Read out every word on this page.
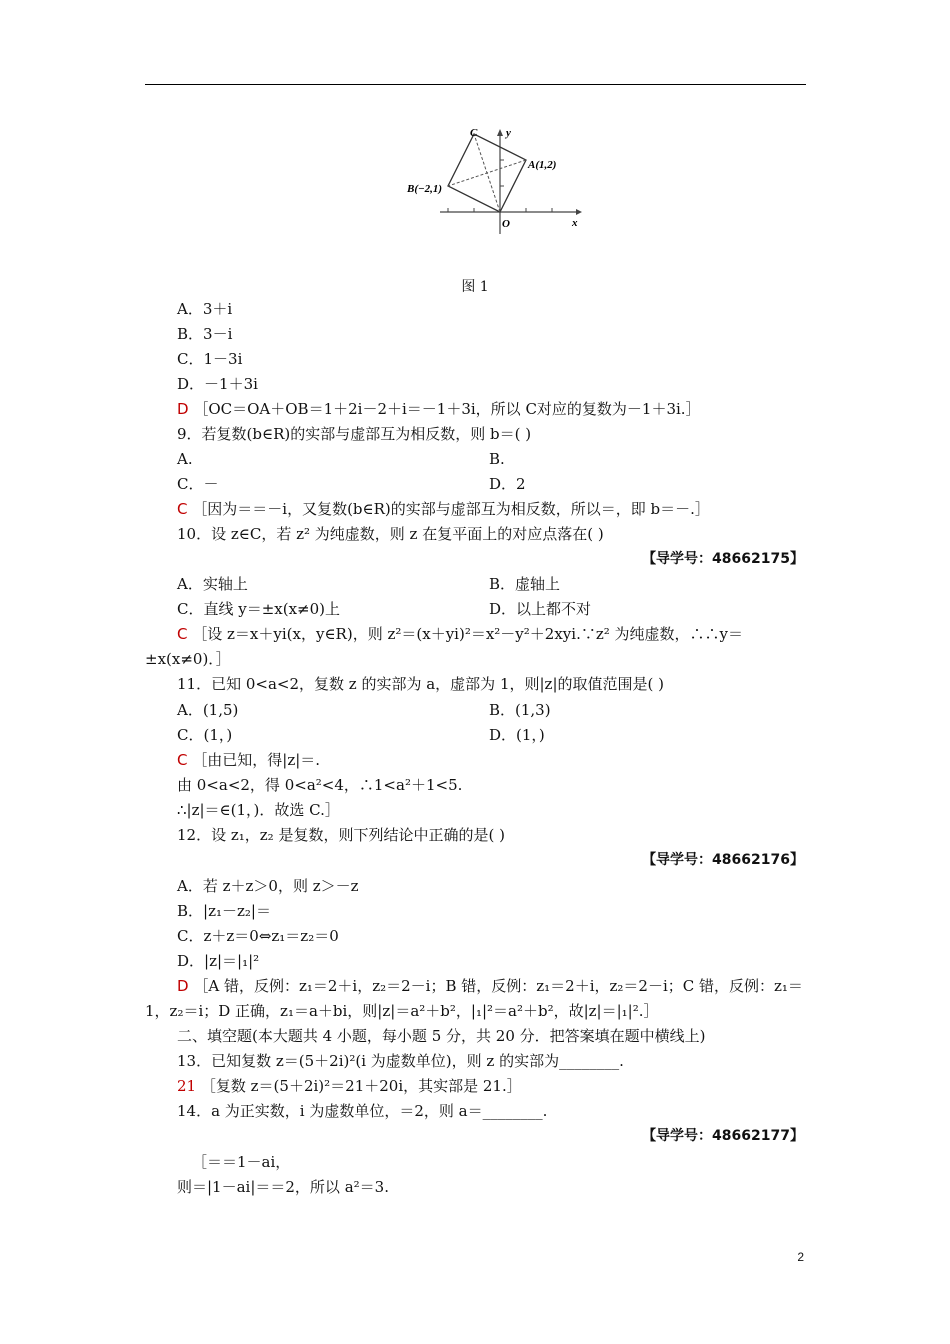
C	y
A(1,2)
B(−2,1)
O	x
图 1
A．3＋i
B．3－i
C．1－3i
D．－1＋3i
D ［OC＝OA＋OB＝1＋2i－2＋i＝－1＋3i，所以 C对应的复数为－1＋3i.］
9．若复数(b∈R)的实部与虚部互为相反数，则 b＝( )
A.	B.
C．－	D．2
C ［因为＝＝－i，又复数(b∈R)的实部与虚部互为相反数，所以＝，即 b＝－.］
10．设 z∈C，若 z² 为纯虚数，则 z 在复平面上的对应点落在( )
【导学号：48662175】
A．实轴上	B．虚轴上
C．直线 y＝±x(x≠0)上	D．以上都不对
C ［设 z＝x＋yi(x，y∈R)，则 z²＝(x＋yi)²＝x²－y²＋2xyi.∵z² 为纯虚数，∴∴y＝
±x(x≠0)．］
11．已知 0<a<2，复数 z 的实部为 a，虚部为 1，则|z|的取值范围是( )
A．(1,5)	B．(1,3)
C．(1，)	D．(1，)
C ［由已知，得|z|＝.
由 0<a<2，得 0<a²<4，∴1<a²＋1<5.
∴|z|＝∈(1，)．故选 C.］
12．设 z₁，z₂ 是复数，则下列结论中正确的是( )
【导学号：48662176】
A．若 z＋z＞0，则 z＞－z
B．|z₁－z₂|＝
C．z＋z＝0⇔z₁＝z₂＝0
D．|z|＝|₁|²
D ［A 错，反例：z₁＝2＋i，z₂＝2－i；B 错，反例：z₁＝2＋i，z₂＝2－i；C 错，反例：z₁＝
1，z₂＝i；D 正确，z₁＝a＋bi，则|z|＝a²＋b²，|₁|²＝a²＋b²，故|z|＝|₁|².］
二、填空题(本大题共 4 小题，每小题 5 分，共 20 分．把答案填在题中横线上)
13．已知复数 z＝(5＋2i)²(i 为虚数单位)，则 z 的实部为________.
21 ［复数 z＝(5＋2i)²＝21＋20i，其实部是 21.］
14．a 为正实数，i 为虚数单位，＝2，则 a＝________.
【导学号：48662177】
［＝＝1－ai，
则＝|1－ai|＝＝2，所以 a²＝3.
2
